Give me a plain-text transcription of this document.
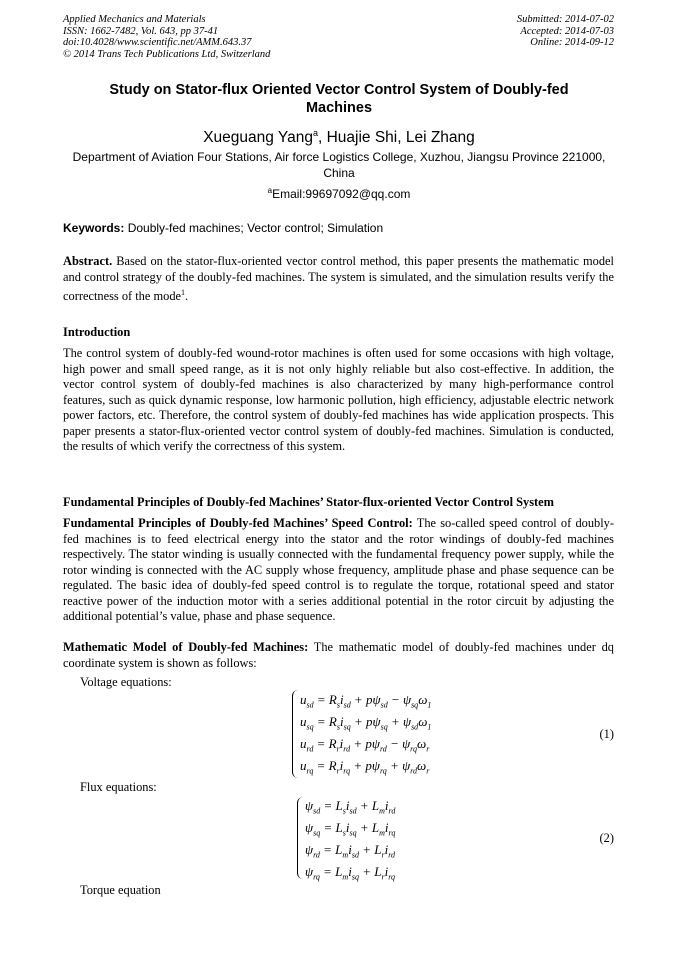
Applied Mechanics and Materials
ISSN: 1662-7482, Vol. 643, pp 37-41
doi:10.4028/www.scientific.net/AMM.643.37
© 2014 Trans Tech Publications Ltd, Switzerland
Submitted: 2014-07-02
Accepted: 2014-07-03
Online: 2014-09-12
Study on Stator-flux Oriented Vector Control System of Doubly-fed Machines
Xueguang Yang$^a$, Huajie Shi, Lei Zhang
Department of Aviation Four Stations, Air force Logistics College, Xuzhou, Jiangsu Province 221000, China
$^a$Email:99697092@qq.com
Keywords: Doubly-fed machines; Vector control; Simulation
Abstract. Based on the stator-flux-oriented vector control method, this paper presents the mathematic model and control strategy of the doubly-fed machines. The system is simulated, and the simulation results verify the correctness of the mode$^1$.
Introduction
The control system of doubly-fed wound-rotor machines is often used for some occasions with high voltage, high power and small speed range, as it is not only highly reliable but also cost-effective. In addition, the vector control system of doubly-fed machines is also characterized by many high-performance control features, such as quick dynamic response, low harmonic pollution, high efficiency, adjustable electric network power factors, etc. Therefore, the control system of doubly-fed machines has wide application prospects. This paper presents a stator-flux-oriented vector control system of doubly-fed machines. Simulation is conducted, the results of which verify the correctness of this system.
Fundamental Principles of Doubly-fed Machines’ Stator-flux-oriented Vector Control System
Fundamental Principles of Doubly-fed Machines’ Speed Control: The so-called speed control of doubly-fed machines is to feed electrical energy into the stator and the rotor windings of doubly-fed machines respectively. The stator winding is usually connected with the fundamental frequency power supply, while the rotor winding is connected with the AC supply whose frequency, amplitude phase and phase sequence can be regulated. The basic idea of doubly-fed speed control is to regulate the torque, rotational speed and stator reactive power of the induction motor with a series additional potential in the rotor circuit by adjusting the additional potential’s value, phase and phase sequence.
Mathematic Model of Doubly-fed Machines: The mathematic model of doubly-fed machines under dq coordinate system is shown as follows:
Voltage equations:
$u_{sd} = R_si_{sd} + p\psi_{sd} - \psi_{sq}\omega_1$
$u_{sq} = R_si_{sq} + p\psi_{sq} + \psi_{sd}\omega_1$
$u_{rd} = R_ri_{rd} + p\psi_{rd} - \psi_{rq}\omega_r$
$u_{rq} = R_ri_{rq} + p\psi_{rq} + \psi_{rd}\omega_r$
(1)
Flux equations:
$\psi_{sd} = L_si_{sd} + L_mi_{rd}$
$\psi_{sq} = L_si_{sq} + L_mi_{rq}$
$\psi_{rd} = L_mi_{sd} + L_ri_{rd}$
$\psi_{rq} = L_mi_{sq} + L_ri_{rq}$
(2)
Torque equation
